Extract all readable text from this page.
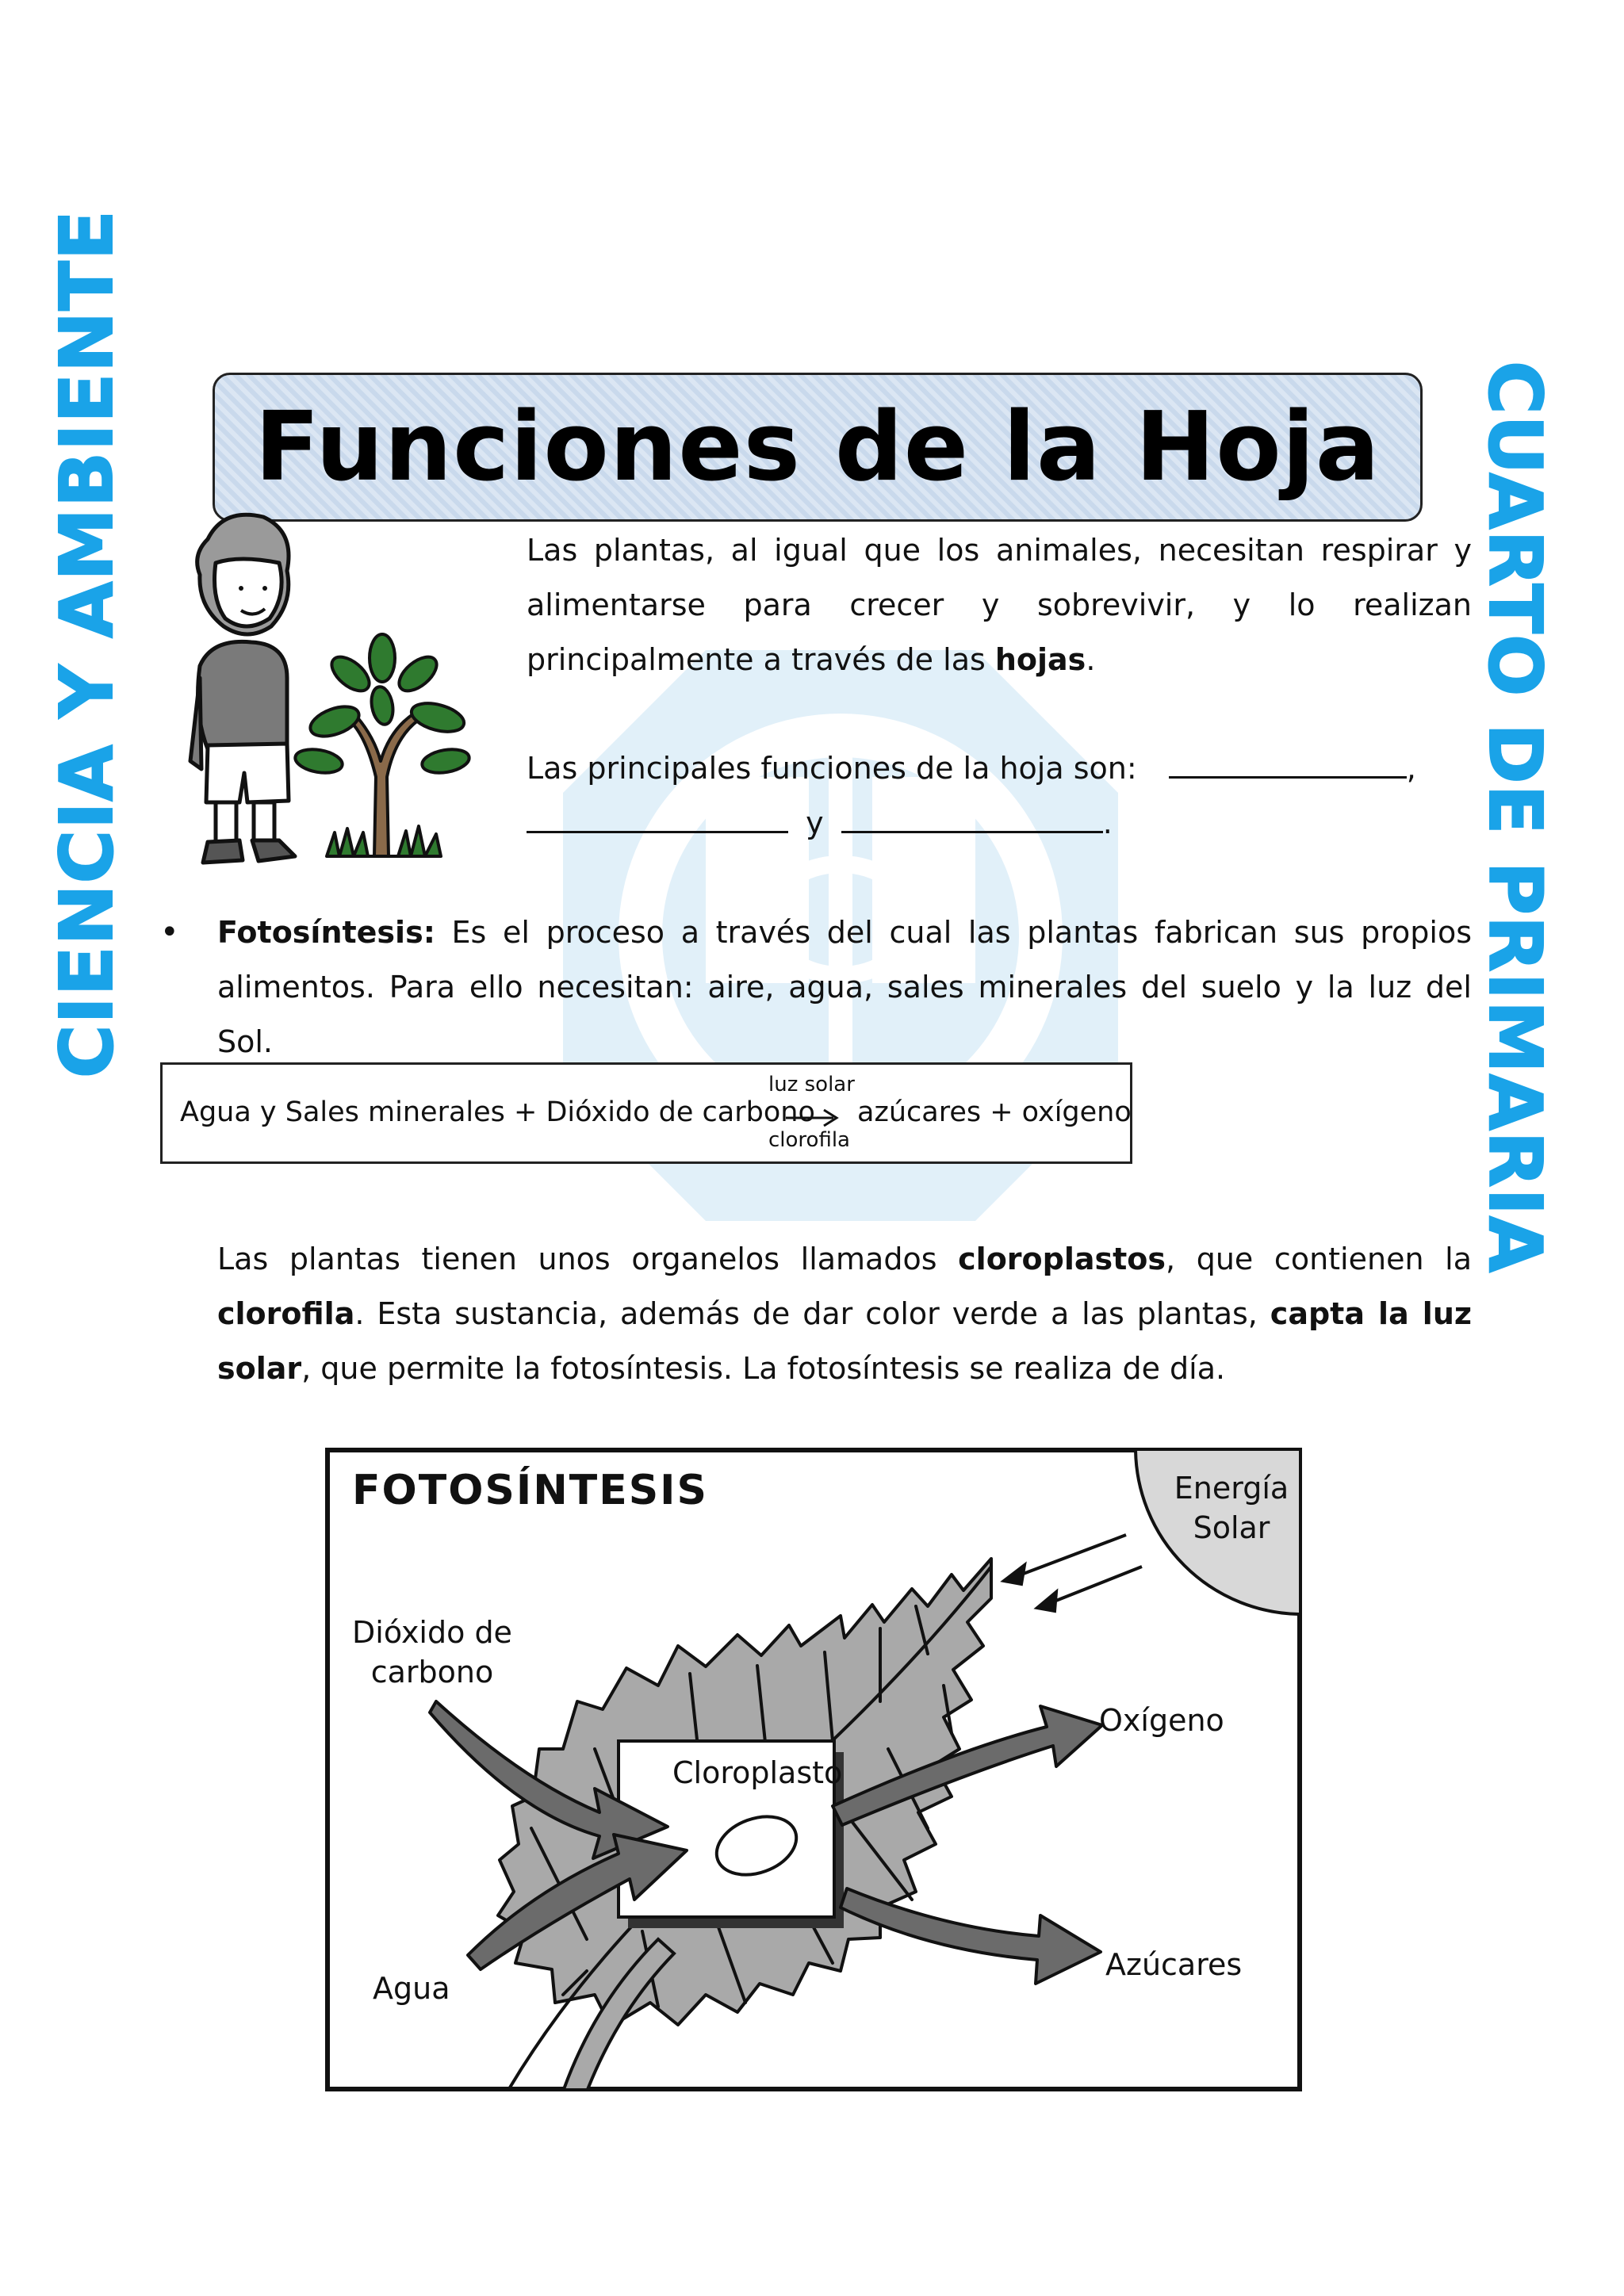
CIENCIA Y AMBIENTE	CUARTO DE PRIMARIA
Funciones de la Hoja
Las plantas, al igual que los animales, necesitan respirar y alimentarse para crecer y sobrevivir, y lo realizan principalmente a través de las hojas.
Las principales funciones de la hoja son:	,
y	.
• Fotosíntesis: Es el proceso a través del cual las plantas fabrican sus propios alimentos. Para ello necesitan: aire, agua, sales minerales del suelo y la luz del Sol.
Agua y Sales minerales + Dióxido de carbono
luz solar
clorofila
azúcares + oxígeno
Las plantas tienen unos organelos llamados cloroplastos, que contienen la clorofila. Esta sustancia, además de dar color verde a las plantas, capta la luz solar, que permite la fotosíntesis. La fotosíntesis se realiza de día.
FOTOSÍNTESIS	Energía
Solar
Dióxido de
carbono
Cloroplasto
Oxígeno
Agua
Azúcares
